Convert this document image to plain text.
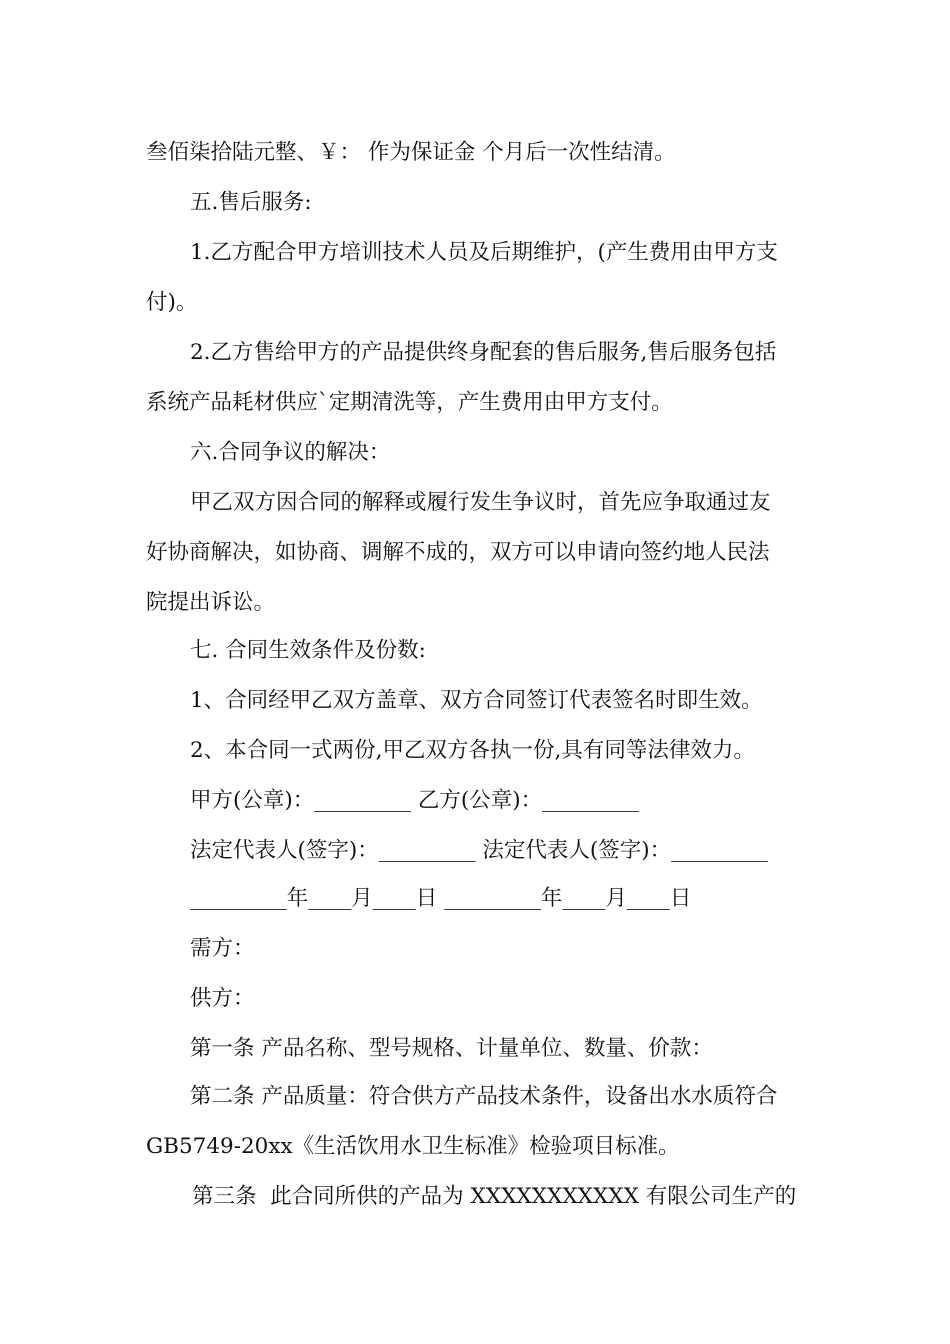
叁佰柒拾陆元整、￥： 作为保证金 个月后一次性结清。
五.售后服务:
1.乙方配合甲方培训技术人员及后期维护，(产生费用由甲方支
付)。
2.乙方售给甲方的产品提供终身配套的售后服务,售后服务包括
系统产品耗材供应`定期清洗等，产生费用由甲方支付。
六.合同争议的解决：
甲乙双方因合同的解释或履行发生争议时，首先应争取通过友
好协商解决，如协商、调解不成的，双方可以申请向签约地人民法
院提出诉讼。
七. 合同生效条件及份数:
1、合同经甲乙双方盖章、双方合同签订代表签名时即生效。
2、本合同一式两份,甲乙双方各执一份,具有同等法律效力。
甲方(公章)：_________ 乙方(公章)：_________
法定代表人(签字)：_________ 法定代表人(签字)：_________
_________年____月____日 _________年____月____日
需方：
供方：
第一条 产品名称、型号规格、计量单位、数量、价款：
第二条 产品质量：符合供方产品技术条件，设备出水水质符合
GB5749-20xx《生活饮用水卫生标准》检验项目标准。
第三条  此合同所供的产品为 XXXXXXXXXXX 有限公司生产的
